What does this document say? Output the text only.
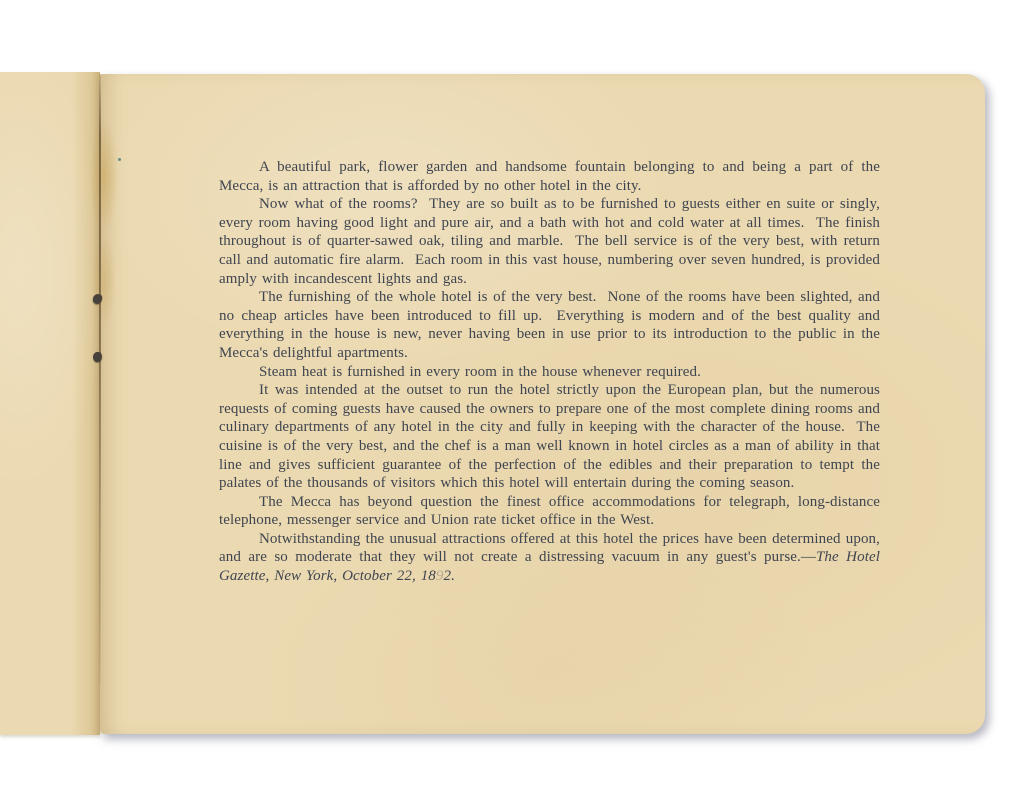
A beautiful park, flower garden and handsome fountain belonging to and being a part of the Mecca, is an attraction that is afforded by no other hotel in the city.

Now what of the rooms?  They are so built as to be furnished to guests either en suite or singly, every room having good light and pure air, and a bath with hot and cold water at all times.  The finish throughout is of quarter-sawed oak, tiling and marble.  The bell service is of the very best, with return call and automatic fire alarm.  Each room in this vast house, numbering over seven hundred, is provided amply with incandescent lights and gas.

The furnishing of the whole hotel is of the very best.  None of the rooms have been slighted, and no cheap articles have been introduced to fill up.  Everything is modern and of the best quality and everything in the house is new, never having been in use prior to its introduction to the public in the Mecca's delightful apartments.

Steam heat is furnished in every room in the house whenever required.

It was intended at the outset to run the hotel strictly upon the European plan, but the numerous requests of coming guests have caused the owners to prepare one of the most complete dining rooms and culinary departments of any hotel in the city and fully in keeping with the character of the house.  The cuisine is of the very best, and the chef is a man well known in hotel circles as a man of ability in that line and gives sufficient guarantee of the perfection of the edibles and their preparation to tempt the palates of the thousands of visitors which this hotel will entertain during the coming season.

The Mecca has beyond question the finest office accommodations for telegraph, long-distance telephone, messenger service and Union rate ticket office in the West.

Notwithstanding the unusual attractions offered at this hotel the prices have been determined upon, and are so moderate that they will not create a distressing vacuum in any guest's purse.—The Hotel Gazette, New York, October 22, 1892.
